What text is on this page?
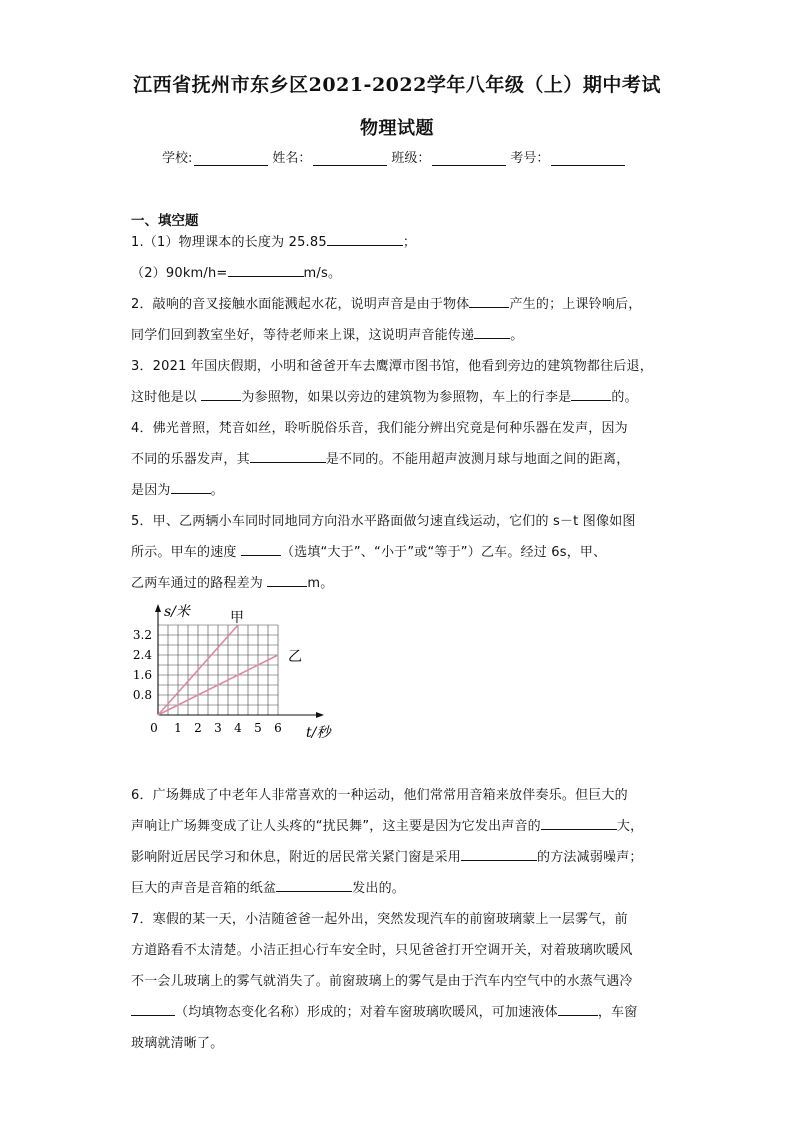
江西省抚州市东乡区2021-2022学年八年级（上）期中考试
物理试题
学校:	姓名：	班级：	考号：
一、填空题
1.（1）物理课本的长度为 25.85	；
（2）90km/h=	m/s。
2．敲响的音叉接触水面能溅起水花，说明声音是由于物体	产生的；上课铃响后，
同学们回到教室坐好，等待老师来上课，这说明声音能传递	。
3．2021 年国庆假期，小明和爸爸开车去鹰潭市图书馆，他看到旁边的建筑物都往后退，
这时他是以	为参照物，如果以旁边的建筑物为参照物，车上的行李是	的。
4．佛光普照，梵音如丝，聆听脱俗乐音，我们能分辨出究竟是何种乐器在发声，因为
不同的乐器发声，其	是不同的。不能用超声波测月球与地面之间的距离，
是因为	。
5．甲、乙两辆小车同时同地同方向沿水平路面做匀速直线运动，它们的 s－t 图像如图
所示。甲车的速度	（选填“大于”、“小于”或“等于”）乙车。经过 6s，甲、
乙两车通过的路程差为	m。
0 1 2 3 4 5 6
0.8
1.6
2.4
3.2
s/米
t/秒
甲
乙
6．广场舞成了中老年人非常喜欢的一种运动，他们常常用音箱来放伴奏乐。但巨大的
声响让广场舞变成了让人头疼的“扰民舞”，这主要是因为它发出声音的	大，
影响附近居民学习和休息，附近的居民常关紧门窗是采用	的方法减弱噪声；
巨大的声音是音箱的纸盆	发出的。
7．寒假的某一天，小洁随爸爸一起外出，突然发现汽车的前窗玻璃蒙上一层雾气，前
方道路看不太清楚。小洁正担心行车安全时，只见爸爸打开空调开关，对着玻璃吹暖风
不一会儿玻璃上的雾气就消失了。前窗玻璃上的雾气是由于汽车内空气中的水蒸气遇冷
（均填物态变化名称）形成的；对着车窗玻璃吹暖风，可加速液体	，车窗
玻璃就清晰了。
